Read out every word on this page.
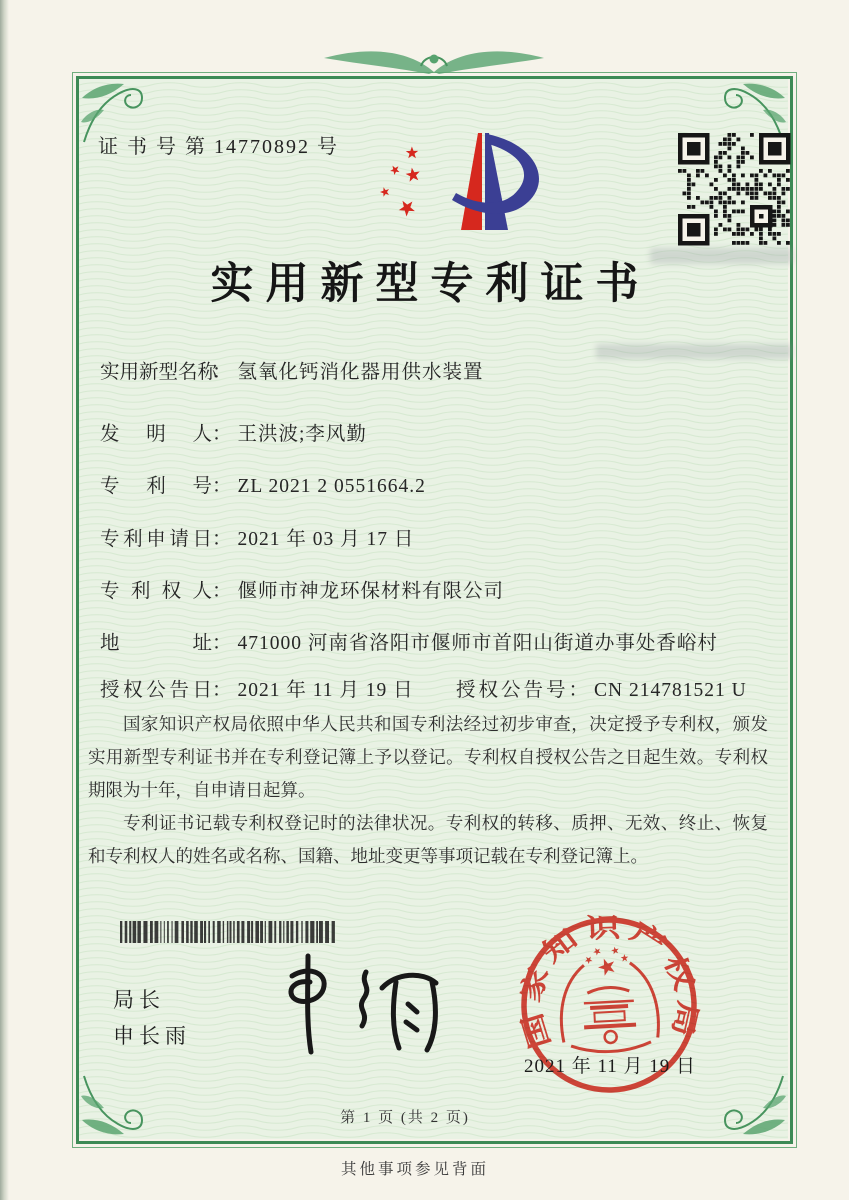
证 书 号 第 14770892 号
实用新型专利证书
实用新型名称： 氢氧化钙消化器用供水装置
发明人： 王洪波;李风勤
专利号： ZL 2021 2 0551664.2
专利申请日： 2021 年 03 月 17 日
专利权人： 偃师市神龙环保材料有限公司
地址： 471000 河南省洛阳市偃师市首阳山街道办事处香峪村
授权公告日： 2021 年 11 月 19 日 授权公告号： CN 214781521 U

国家知识产权局依照中华人民共和国专利法经过初步审查，决定授予专利权，颁发实用新型专利证书并在专利登记簿上予以登记。专利权自授权公告之日起生效。专利权期限为十年，自申请日起算。

专利证书记载专利权登记时的法律状况。专利权的转移、质押、无效、终止、恢复和专利权人的姓名或名称、国籍、地址变更等事项记载在专利登记簿上。

局长
申长雨	国家知识产权局
2021 年 11 月 19 日
第 1 页 (共 2 页)
其他事项参见背面
